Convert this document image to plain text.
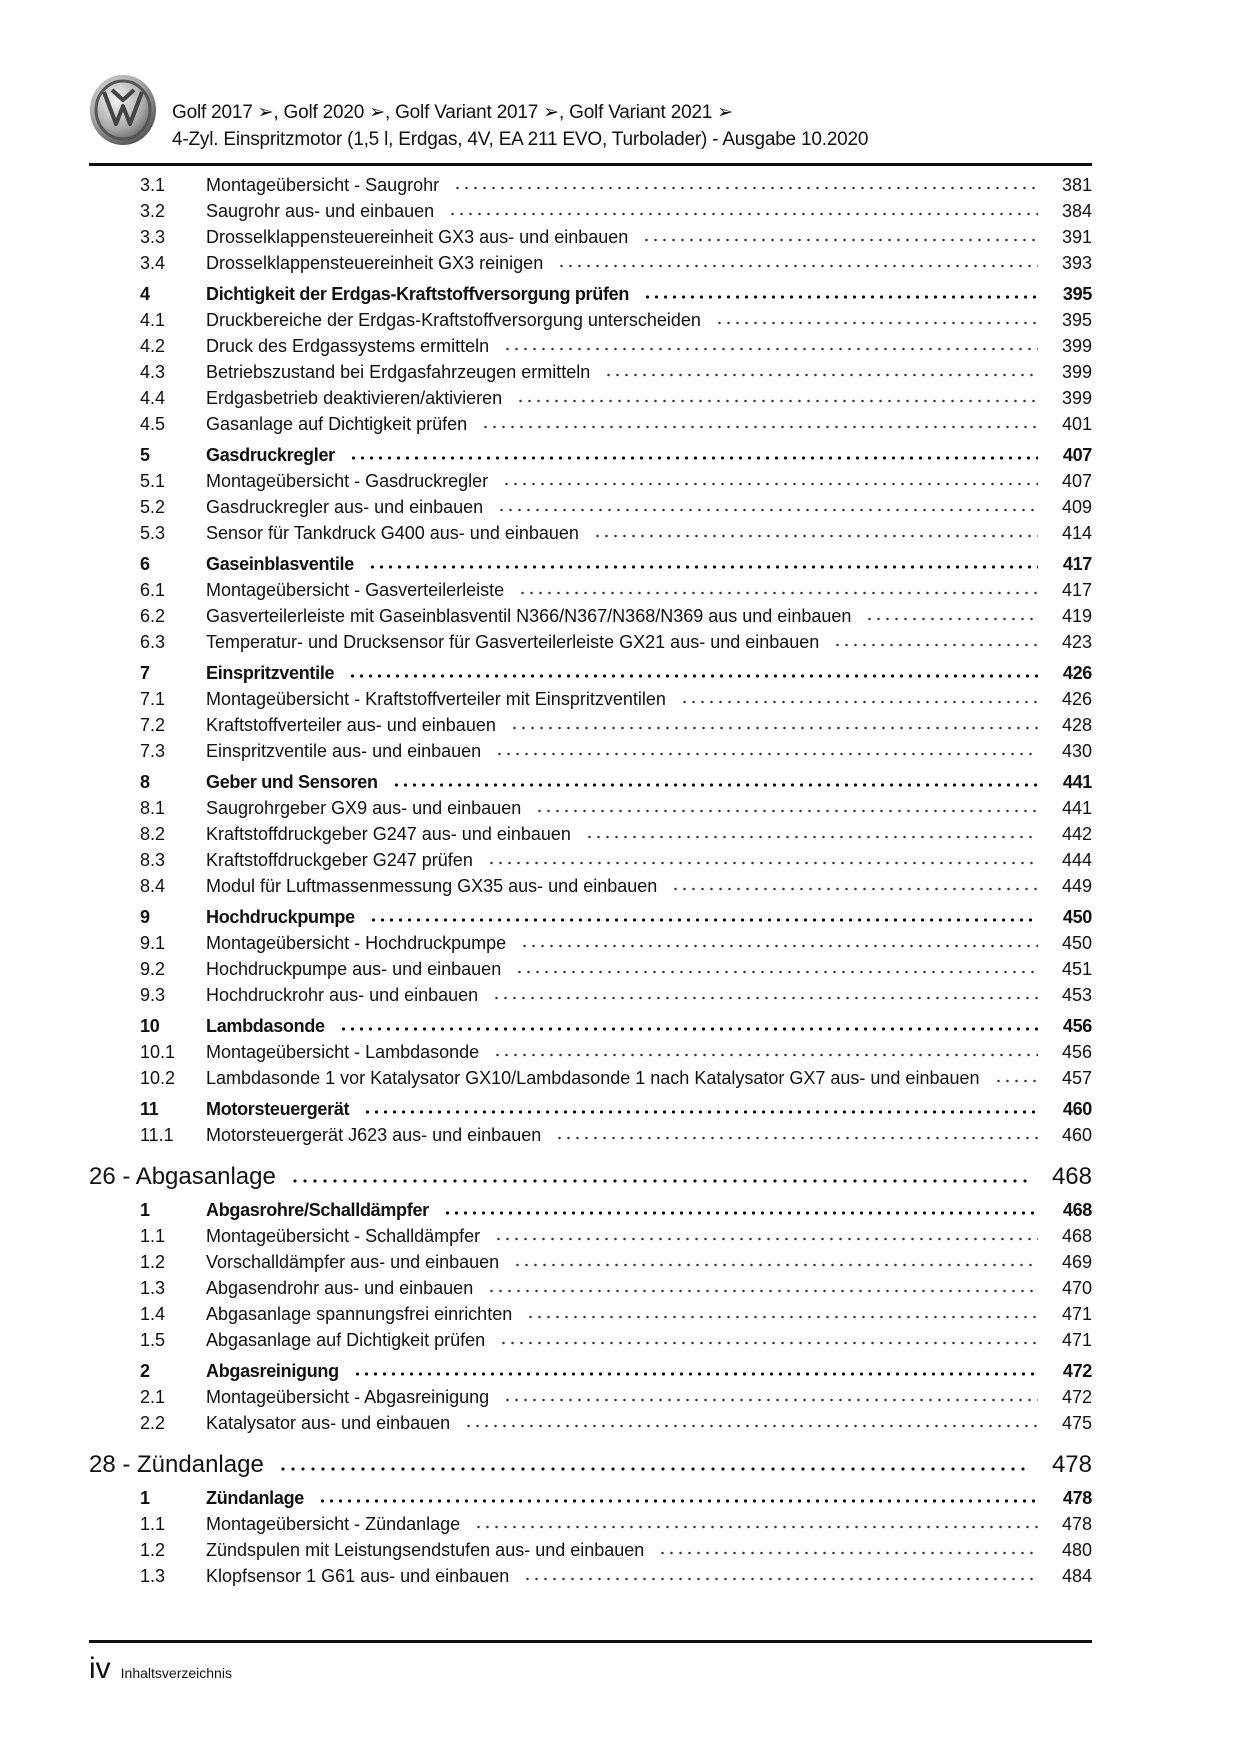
Golf 2017 ➢, Golf 2020 ➢, Golf Variant 2017 ➢, Golf Variant 2021 ➢
4-Zyl. Einspritzmotor (1,5 l, Erdgas, 4V, EA 211 EVO, Turbolader) - Ausgabe 10.2020
3.1	Montageübersicht - Saugrohr	381
3.2	Saugrohr aus- und einbauen	384
3.3	Drosselklappensteuereinheit GX3 aus- und einbauen	391
3.4	Drosselklappensteuereinheit GX3 reinigen	393
4	Dichtigkeit der Erdgas-Kraftstoffversorgung prüfen	395
4.1	Druckbereiche der Erdgas-Kraftstoffversorgung unterscheiden	395
4.2	Druck des Erdgassystems ermitteln	399
4.3	Betriebszustand bei Erdgasfahrzeugen ermitteln	399
4.4	Erdgasbetrieb deaktivieren/aktivieren	399
4.5	Gasanlage auf Dichtigkeit prüfen	401
5	Gasdruckregler	407
5.1	Montageübersicht - Gasdruckregler	407
5.2	Gasdruckregler aus- und einbauen	409
5.3	Sensor für Tankdruck G400 aus- und einbauen	414
6	Gaseinblasventile	417
6.1	Montageübersicht - Gasverteilerleiste	417
6.2	Gasverteilerleiste mit Gaseinblasventil N366/N367/N368/N369 aus und einbauen	419
6.3	Temperatur- und Drucksensor für Gasverteilerleiste GX21 aus- und einbauen	423
7	Einspritzventile	426
7.1	Montageübersicht - Kraftstoffverteiler mit Einspritzventilen	426
7.2	Kraftstoffverteiler aus- und einbauen	428
7.3	Einspritzventile aus- und einbauen	430
8	Geber und Sensoren	441
8.1	Saugrohrgeber GX9 aus- und einbauen	441
8.2	Kraftstoffdruckgeber G247 aus- und einbauen	442
8.3	Kraftstoffdruckgeber G247 prüfen	444
8.4	Modul für Luftmassenmessung GX35 aus- und einbauen	449
9	Hochdruckpumpe	450
9.1	Montageübersicht - Hochdruckpumpe	450
9.2	Hochdruckpumpe aus- und einbauen	451
9.3	Hochdruckrohr aus- und einbauen	453
10	Lambdasonde	456
10.1	Montageübersicht - Lambdasonde	456
10.2	Lambdasonde 1 vor Katalysator GX10/Lambdasonde 1 nach Katalysator GX7 aus- und einbauen	457
11	Motorsteuergerät	460
11.1	Motorsteuergerät J623 aus- und einbauen	460
26 - Abgasanlage	468
1	Abgasrohre/Schalldämpfer	468
1.1	Montageübersicht - Schalldämpfer	468
1.2	Vorschalldämpfer aus- und einbauen	469
1.3	Abgasendrohr aus- und einbauen	470
1.4	Abgasanlage spannungsfrei einrichten	471
1.5	Abgasanlage auf Dichtigkeit prüfen	471
2	Abgasreinigung	472
2.1	Montageübersicht - Abgasreinigung	472
2.2	Katalysator aus- und einbauen	475
28 - Zündanlage	478
1	Zündanlage	478
1.1	Montageübersicht - Zündanlage	478
1.2	Zündspulen mit Leistungsendstufen aus- und einbauen	480
1.3	Klopfsensor 1 G61 aus- und einbauen	484
iv Inhaltsverzeichnis
